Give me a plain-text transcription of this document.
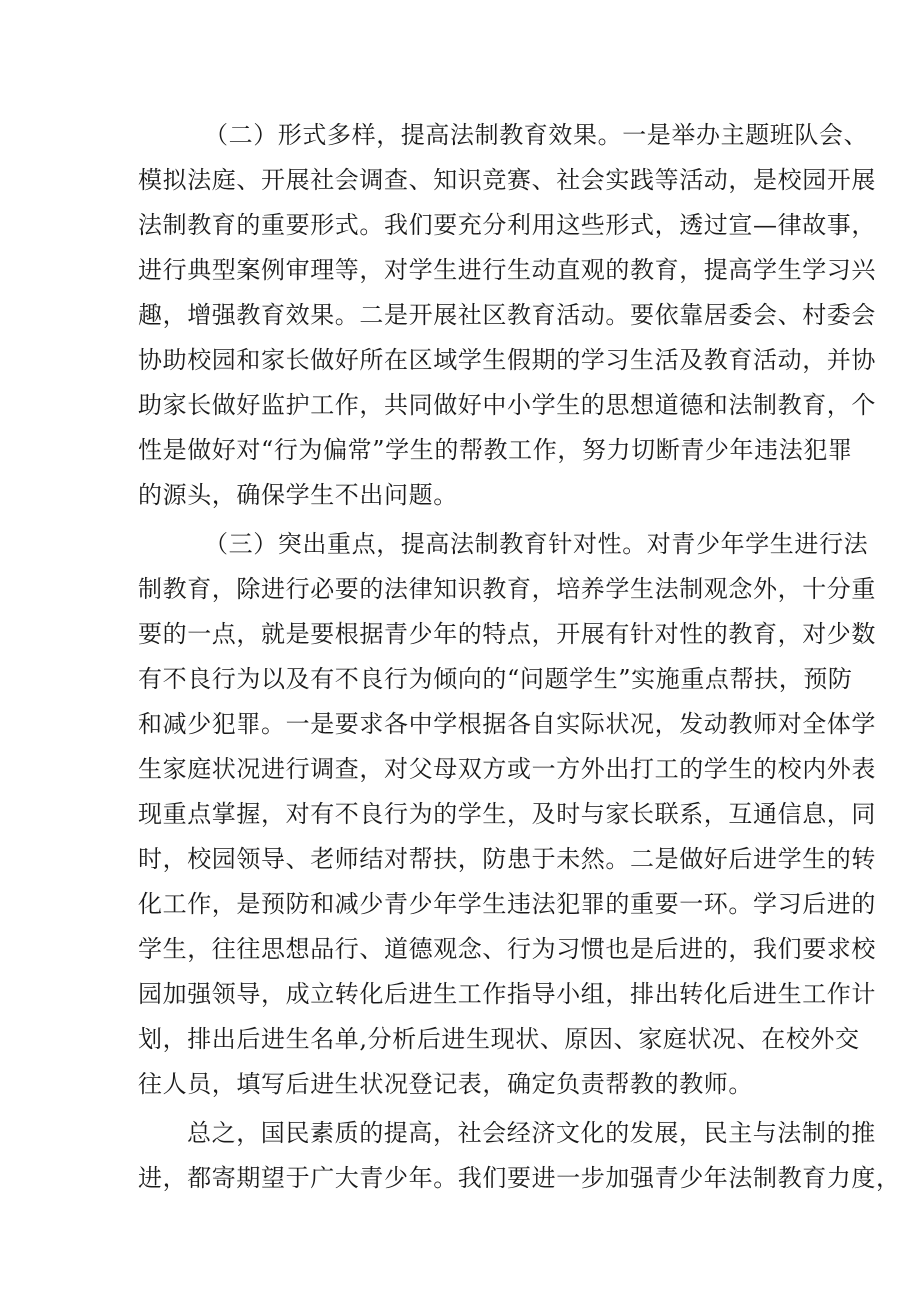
（二）形式多样，提高法制教育效果。一是举办主题班队会、
模拟法庭、开展社会调查、知识竞赛、社会实践等活动，是校园开展
法制教育的重要形式。我们要充分利用这些形式，透过宣—律故事，
进行典型案例审理等，对学生进行生动直观的教育，提高学生学习兴
趣，增强教育效果。二是开展社区教育活动。要依靠居委会、村委会
协助校园和家长做好所在区域学生假期的学习生活及教育活动，并协
助家长做好监护工作，共同做好中小学生的思想道德和法制教育，个
性是做好对“行为偏常”学生的帮教工作，努力切断青少年违法犯罪
的源头，确保学生不出问题。
（三）突出重点，提高法制教育针对性。对青少年学生进行法
制教育，除进行必要的法律知识教育，培养学生法制观念外，十分重
要的一点，就是要根据青少年的特点，开展有针对性的教育，对少数
有不良行为以及有不良行为倾向的“问题学生”实施重点帮扶，预防
和减少犯罪。一是要求各中学根据各自实际状况，发动教师对全体学
生家庭状况进行调查，对父母双方或一方外出打工的学生的校内外表
现重点掌握，对有不良行为的学生，及时与家长联系，互通信息，同
时，校园领导、老师结对帮扶，防患于未然。二是做好后进学生的转
化工作，是预防和减少青少年学生违法犯罪的重要一环。学习后进的
学生，往往思想品行、道德观念、行为习惯也是后进的，我们要求校
园加强领导，成立转化后进生工作指导小组，排出转化后进生工作计
划，排出后进生名单,分析后进生现状、原因、家庭状况、在校外交
往人员，填写后进生状况登记表，确定负责帮教的教师。
总之，国民素质的提高，社会经济文化的发展，民主与法制的推
进，都寄期望于广大青少年。我们要进一步加强青少年法制教育力度，
